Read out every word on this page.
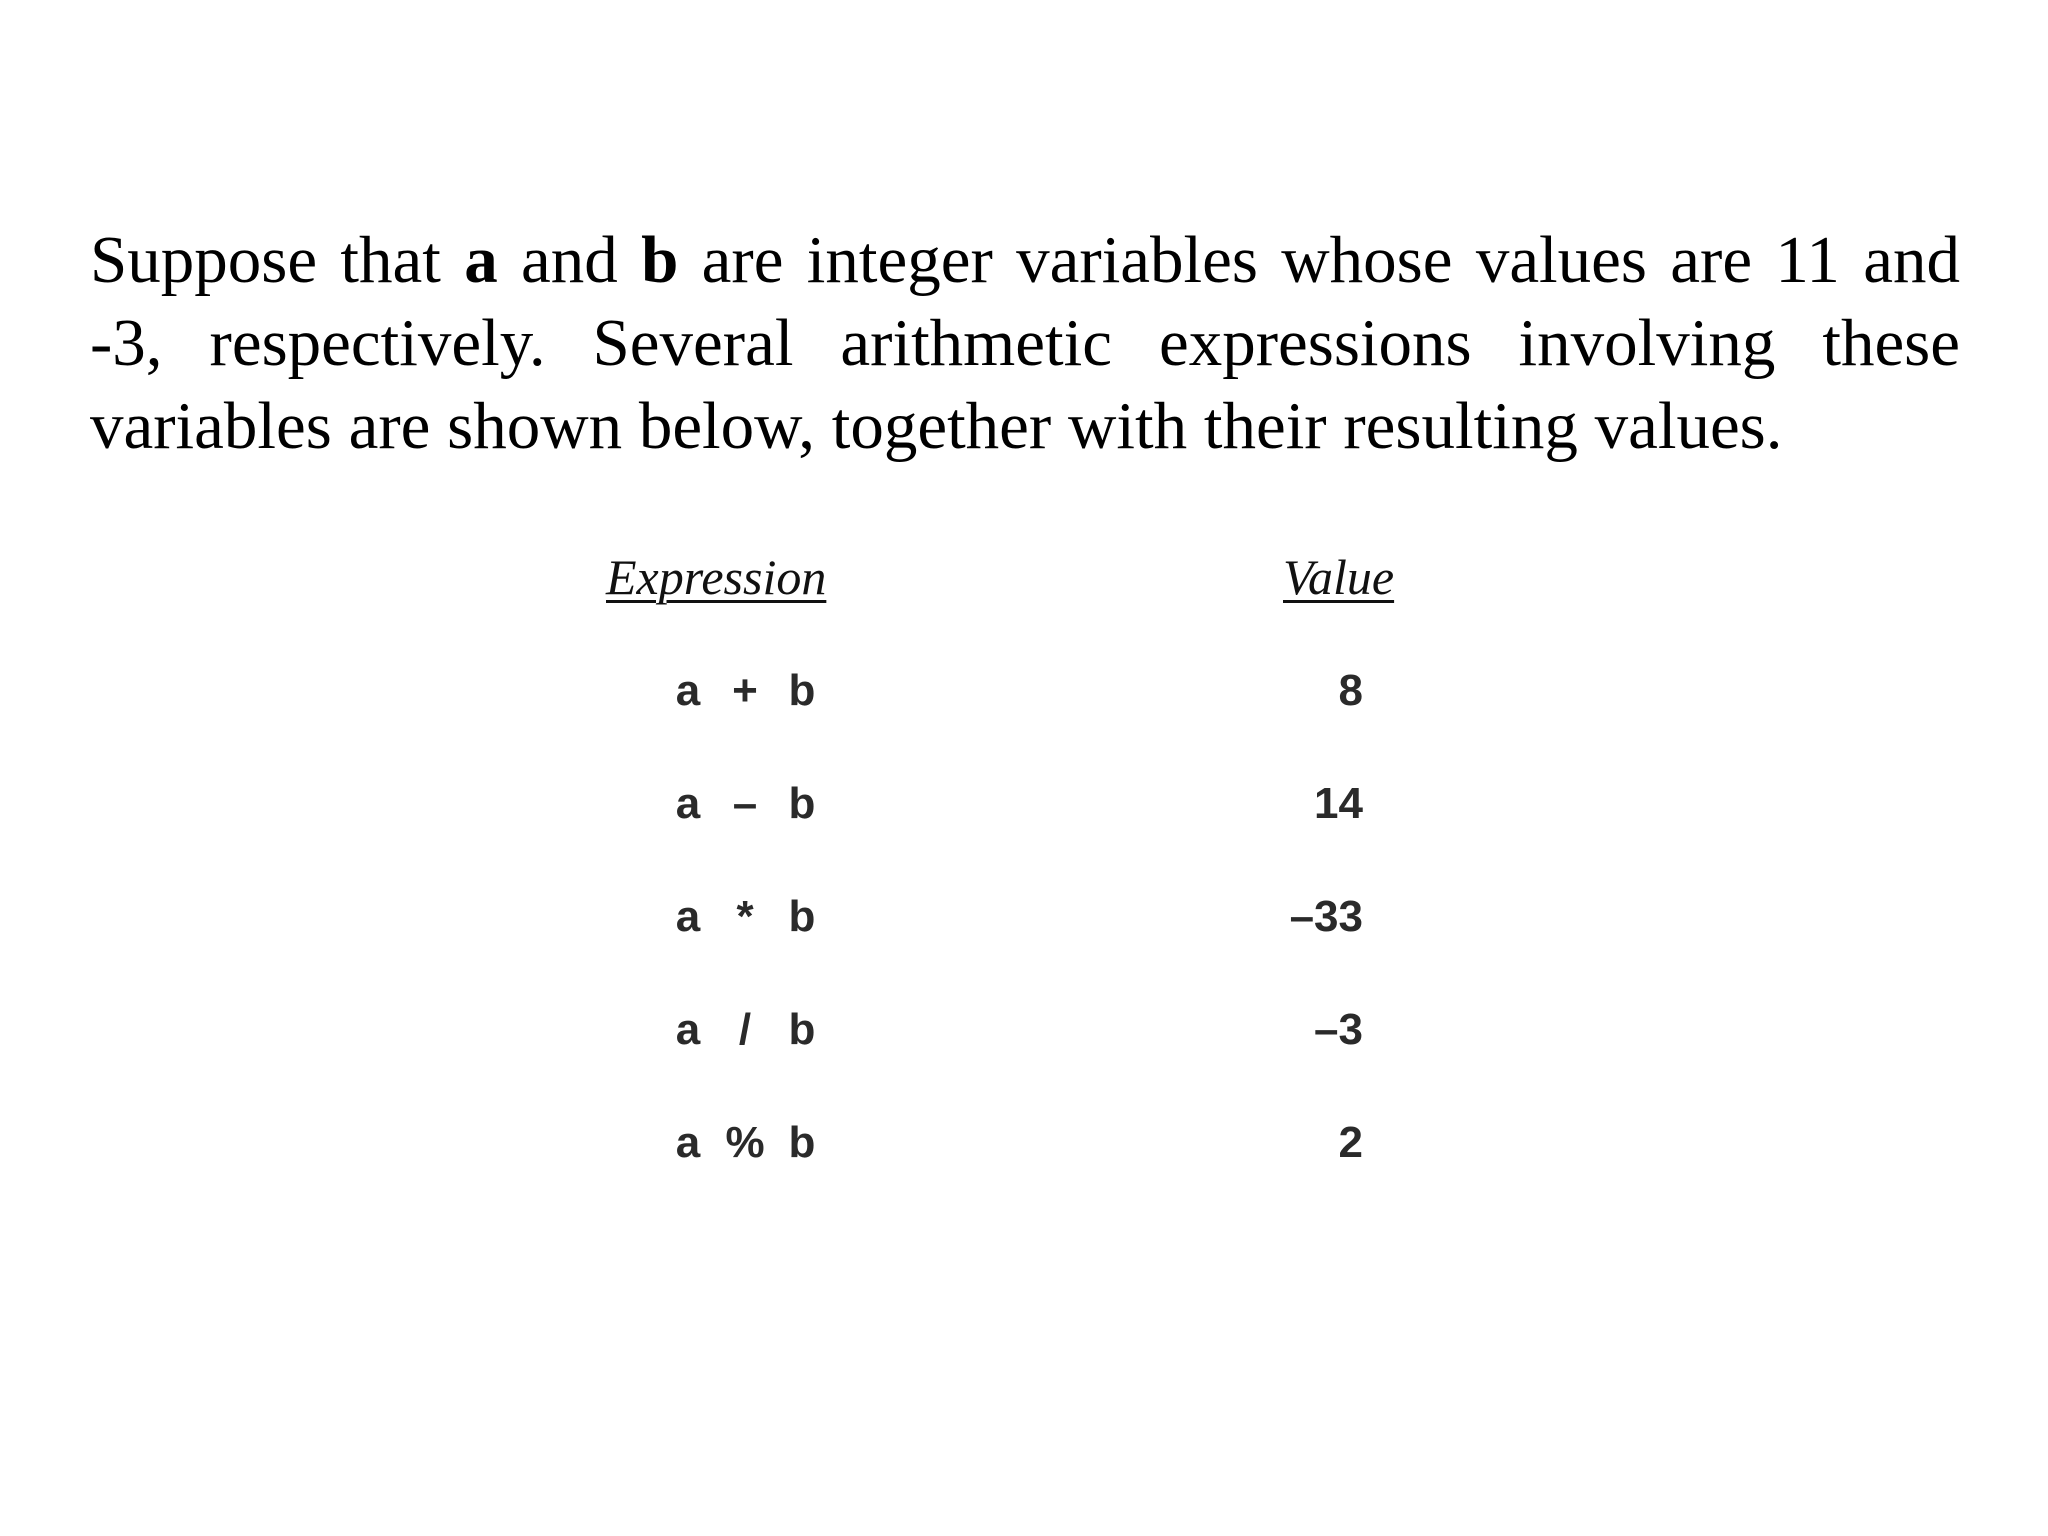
Suppose that a and b are integer variables whose values are 11 and -3, respectively. Several arithmetic expressions involving these variables are shown below, together with their resulting values.

Expression	Value
a + b	8
a – b	14
a * b	–33
a / b	–3
a % b	2
